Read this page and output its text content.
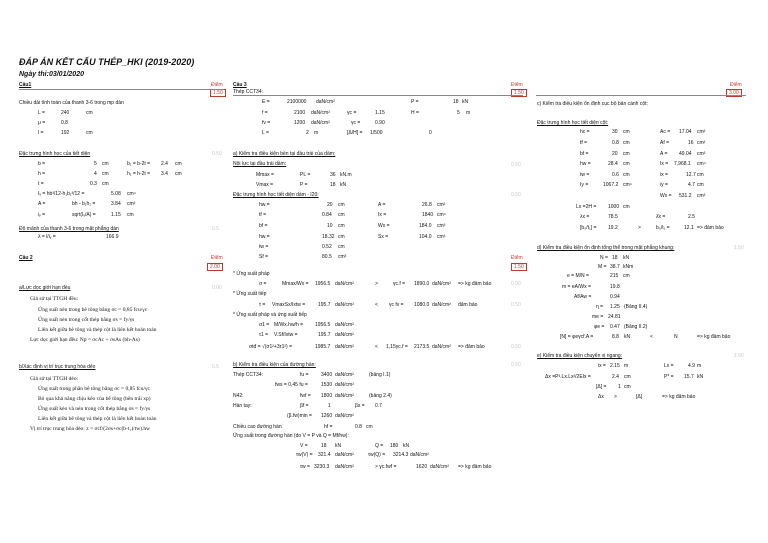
ĐÁP ÁN KẾT CẤU THÉP_HKI (2019-2020)
Ngày thi:03/01/2020
Câu1	Điểm
1.50
Chiều dài tính toán của thanh 3-6 trong mp dàn
L =	240	cm
μ =	0.8
l =	192	cm
Đặc trưng hình học của tiết diện	0.50
b =	5 cm	b₁ = b-2t = 2.4 cm
h =	4 cm	h₁ = h-2t = 3.4 cm
t =	0.3 cm
Iᵧ = hb³/12-h₁b₁³/12 =	5.08 cm⁴
A =	bh - b₁h₁ =	3.84 cm²
iᵧ =	sqrt(Iᵧ/A) =	1.15 cm
Độ mảnh của thanh 3-6 trong mặt phẳng dàn	0.5
λ = l/iᵧ =	166.9
Câu 2	Điểm
2.00
a/Lực dọc giới hạn đều	0.00
Giả sử tại TTGH đều:
Ứng suất nén trong bê tông bằng σc = 0,85 fcu/γc
Ứng suất nén trong cốt thép bằng σs = fy/γs
Liên kết giữa bê tông và thép cột là liên kết hoàn toàn
Lực dọc giới hạn đều: Np = σcAc + σsAs (bh-As)
b/Xác định vị trí trục trung hòa dẻo	0.5
Giả sử tại TTGH dẻo:
Ứng suất trong phần bê tông bằng σc = 0,85 fcu/γc
Bỏ qua khả năng chịu kéo của bê tông (bên trái xp)
Ứng suất kéo và nén trong cốt thép bằng σs = fy/γs
Liên kết giữa bê tông và thép cột là liên kết hoàn toàn
Vị trí trục trung hòa dẻo: z = σcf/(2σs+σc(b-t₁)/tw).hw
Câu 3
Thép CCT34:
Điểm
1.50
E =	2100000 daN/cm²	P =	18 kN
f =	2100 daN/cm²	γc =	1.15	H =	5 m
fv =	1200 daN/cm²	γc =	0.90
L =	2 m	[Δ/H] = 1/500	0
a) Kiểm tra điều kiện bền tại đầu trái của dầm:
0.50
Nội lực tại đầu trái dầm:
Mmax =	PL =	36 kN.m
Vmax =	P =	18 kN
Đặc trưng hình học tiết diện dầm - I20:	0.50
hw =	20 cm	A =	26.8 cm²
tf =	0.84 cm	Ix =	1840 cm⁴
bf =	10 cm	Wx =	184.0 cm³
hw =	18.32 cm	Sx =	104.0 cm³
tw =	0.52 cm
Sf =	80.5 cm³	Điểm
1.50
* Ứng suất pháp
σ =	Mmax/Wx = 1956.5 daN/cm²	>	γc.f = 1890.0 daN/cm² => kg đảm bảo	0.00
* Ứng suất tiếp
τ = VmaxSx/Ixtw =	195.7 daN/cm²	< γc fv = 1080.0 daN/cm² đảm bảo	0.50
* Ứng suất pháp và ứng suất tiếp
σ1 = M/Wx.hw/h = 1956.5 daN/cm²
τ1 = V.Sf/Ixtw =	195.7 daN/cm²
σtđ = √(σ1²+3τ1²) =	1985.7 daN/cm²	< 1,15γc.f = 2173.5 daN/cm² => đảm bảo	0.50
b) Kiểm tra điều kiện của đường hàn:	0.50
Thép CCT34:	fu =	3400 daN/cm²	(bảng I.1)
fws = 0,45 fu =	1530 daN/cm²
N42:	fwf = 1800 daN/cm²	(bảng 2.4)
Hàn tay:	βf =	1	βs = 0.7
(β.fw)min = 1260 daN/cm²
Chiều cao đường hàn	hf =	0.8 cm
Ứng suất trong đường hàn (do V = P và Q = Mf/hw):
V =	18 kN	Q = 180 kN
τw(V) = 321.4 daN/cm²	τw(Q) = 3214.3 daN/cm²
τw = 3230.3 daN/cm²	> γc.fwf =	1620 daN/cm² => kg đảm bảo
Điểm
3.00
c) Kiểm tra điều kiện ổn định cục bộ bản cánh cột:
Đặc trưng hình học tiết diện cột:
hc =	30 cm	Ac = 17.04 cm²
tf =	0.8 cm	Af =	16 cm²
bf =	20 cm	A = 49.04 cm²
hw =	28.4 cm	Ix = 7,968.1 cm⁴
tw =	0.6 cm	ix =	12.7 cm
Iy =	1067.2 cm⁴	iy =	4.7 cm
Wx = 531.2 cm³
Lx =2H = 1000 cm
λx =	78.5	λ̄x =	2.5
[b₀/t₁] = 19.2	>	b₀/t₁ =	12.1 => đảm bảo
d) Kiểm tra điều kiện ổn định tổng thể trong mặt phẳng khung:	1.50
N = 18 kN
M = 38.7 kNm
e = M/N =	215 cm
m = eA/Wx =	19.8
Af/Aw =	0.94
η = 1.25 (Bảng II.4)
me = 24.81
φe = 0.47 (Bảng II.2)
[N] = φeγcf.A =	8.8 kN	<	N	=> kg đảm bảo
e) Kiểm tra điều kiện chuyển vị ngang:	1.00
ix = 2.15 m	Lx =	4.9 m
Δx =P³.Lx.Lx²/2EIx =	2.4 cm	P* = 15.7 kN
[Δ] = 1 cm
Δx >	[Δ]	=> kg đảm bảo
